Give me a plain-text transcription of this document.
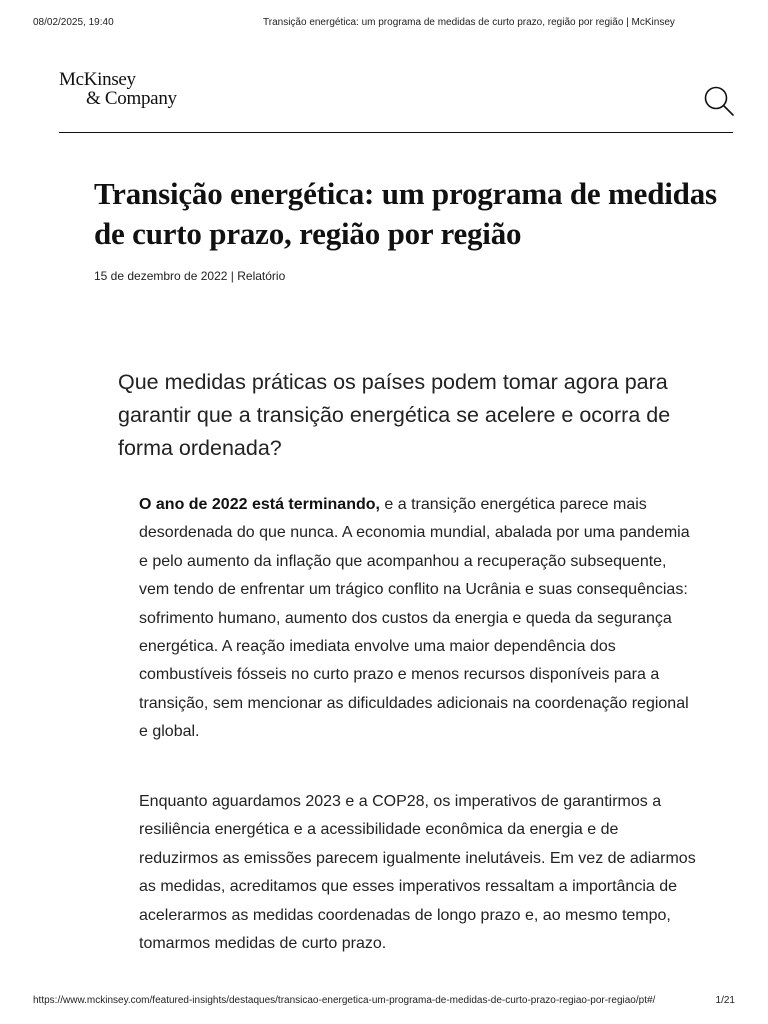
08/02/2025, 19:40	Transição energética: um programa de medidas de curto prazo, região por região | McKinsey
McKinsey
& Company
Transição energética: um programa de medidas de curto prazo, região por região
15 de dezembro de 2022 | Relatório

Que medidas práticas os países podem tomar agora para garantir que a transição energética se acelere e ocorra de forma ordenada?

O ano de 2022 está terminando, e a transição energética parece mais desordenada do que nunca. A economia mundial, abalada por uma pandemia e pelo aumento da inflação que acompanhou a recuperação subsequente, vem tendo de enfrentar um trágico conflito na Ucrânia e suas consequências: sofrimento humano, aumento dos custos da energia e queda da segurança energética. A reação imediata envolve uma maior dependência dos combustíveis fósseis no curto prazo e menos recursos disponíveis para a transição, sem mencionar as dificuldades adicionais na coordenação regional e global.

Enquanto aguardamos 2023 e a COP28, os imperativos de garantirmos a resiliência energética e a acessibilidade econômica da energia e de reduzirmos as emissões parecem igualmente inelutáveis. Em vez de adiarmos as medidas, acreditamos que esses imperativos ressaltam a importância de acelerarmos as medidas coordenadas de longo prazo e, ao mesmo tempo, tomarmos medidas de curto prazo.

https://www.mckinsey.com/featured-insights/destaques/transicao-energetica-um-programa-de-medidas-de-curto-prazo-regiao-por-regiao/pt#/	1/21
